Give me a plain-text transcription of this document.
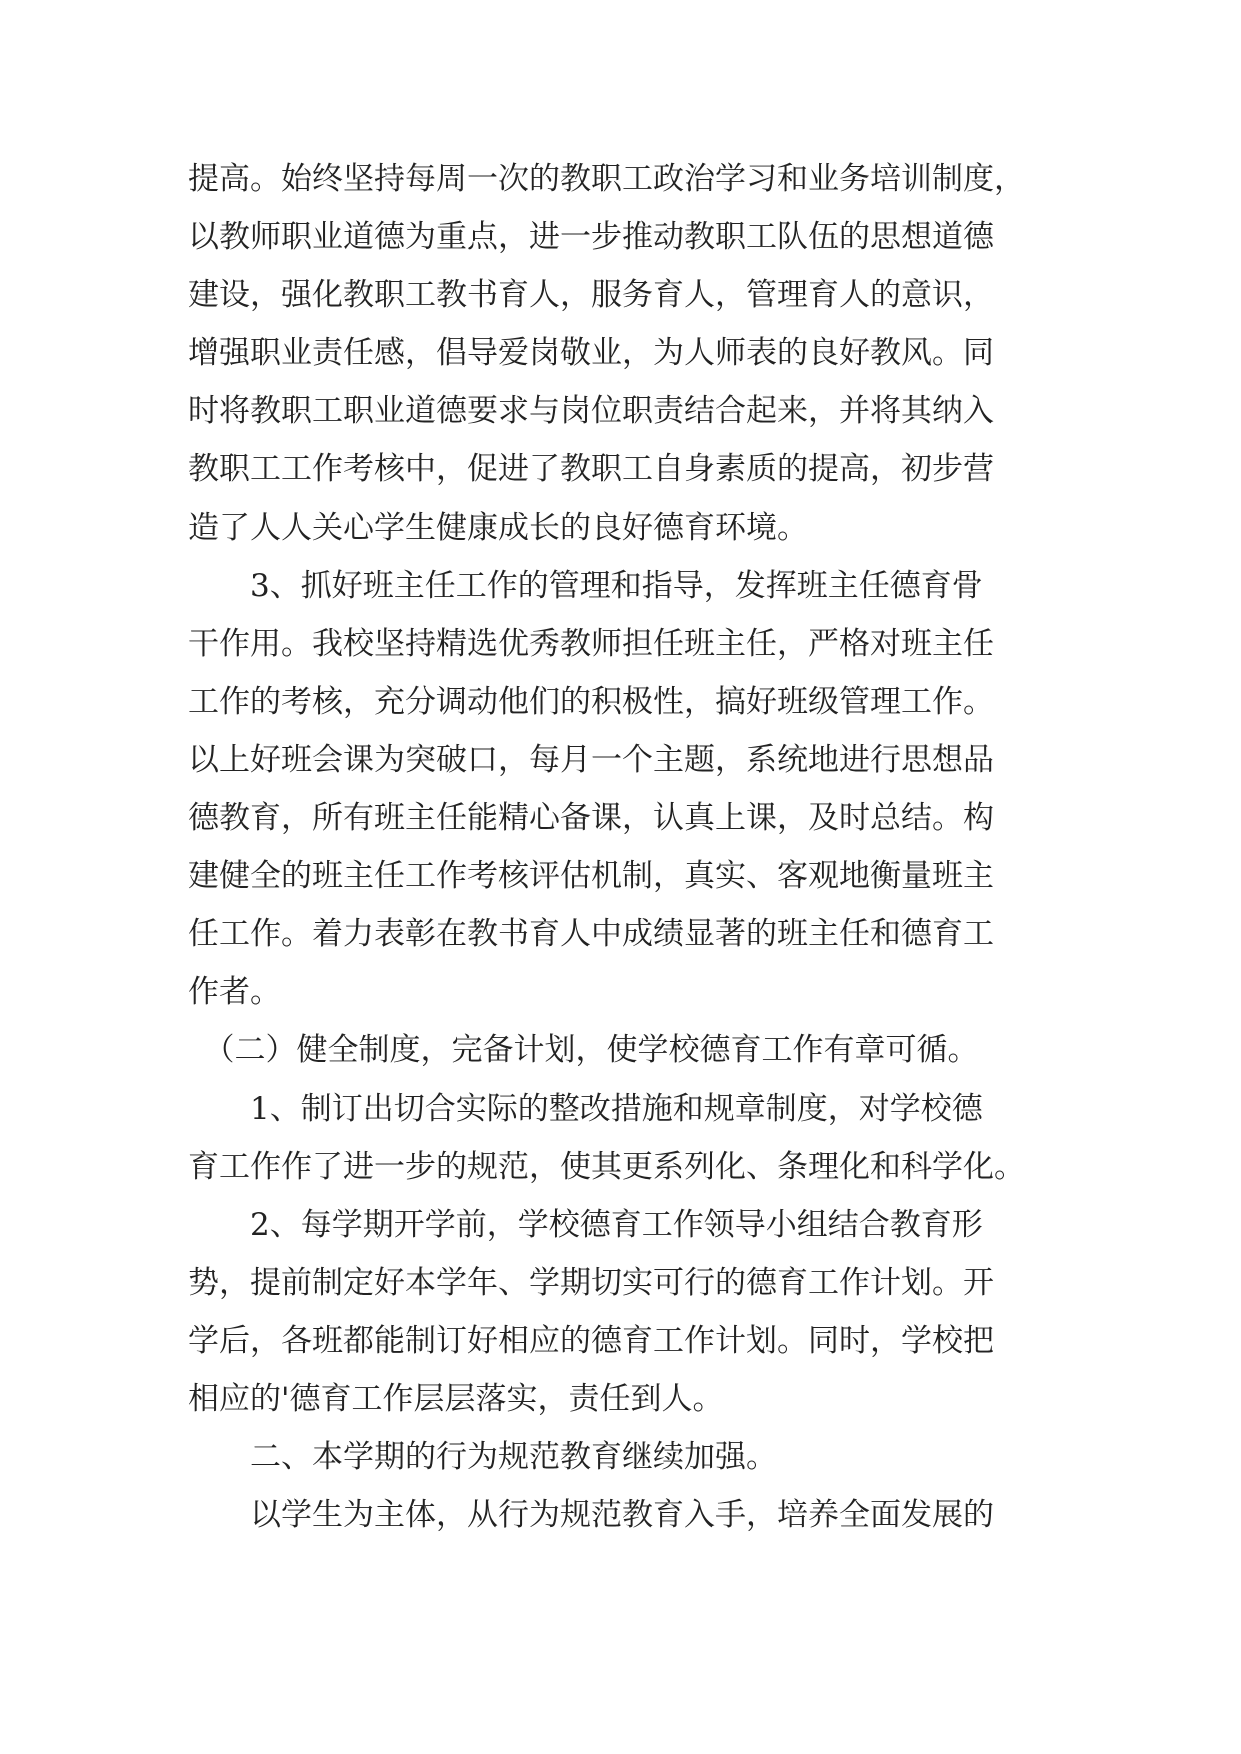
提高。始终坚持每周一次的教职工政治学习和业务培训制度，
以教师职业道德为重点，进一步推动教职工队伍的思想道德
建设，强化教职工教书育人，服务育人，管理育人的意识，
增强职业责任感，倡导爱岗敬业，为人师表的良好教风。同
时将教职工职业道德要求与岗位职责结合起来，并将其纳入
教职工工作考核中，促进了教职工自身素质的提高，初步营
造了人人关心学生健康成长的良好德育环境。
　　3、抓好班主任工作的管理和指导，发挥班主任德育骨
干作用。我校坚持精选优秀教师担任班主任，严格对班主任
工作的考核，充分调动他们的积极性，搞好班级管理工作。
以上好班会课为突破口，每月一个主题，系统地进行思想品
德教育，所有班主任能精心备课，认真上课，及时总结。构
建健全的班主任工作考核评估机制，真实、客观地衡量班主
任工作。着力表彰在教书育人中成绩显著的班主任和德育工
作者。
　（二）健全制度，完备计划，使学校德育工作有章可循。
　　1、制订出切合实际的整改措施和规章制度，对学校德
育工作作了进一步的规范，使其更系列化、条理化和科学化。
　　2、每学期开学前，学校德育工作领导小组结合教育形
势，提前制定好本学年、学期切实可行的德育工作计划。开
学后，各班都能制订好相应的德育工作计划。同时，学校把
相应的'德育工作层层落实，责任到人。
　　二、本学期的行为规范教育继续加强。
　　以学生为主体，从行为规范教育入手，培养全面发展的
